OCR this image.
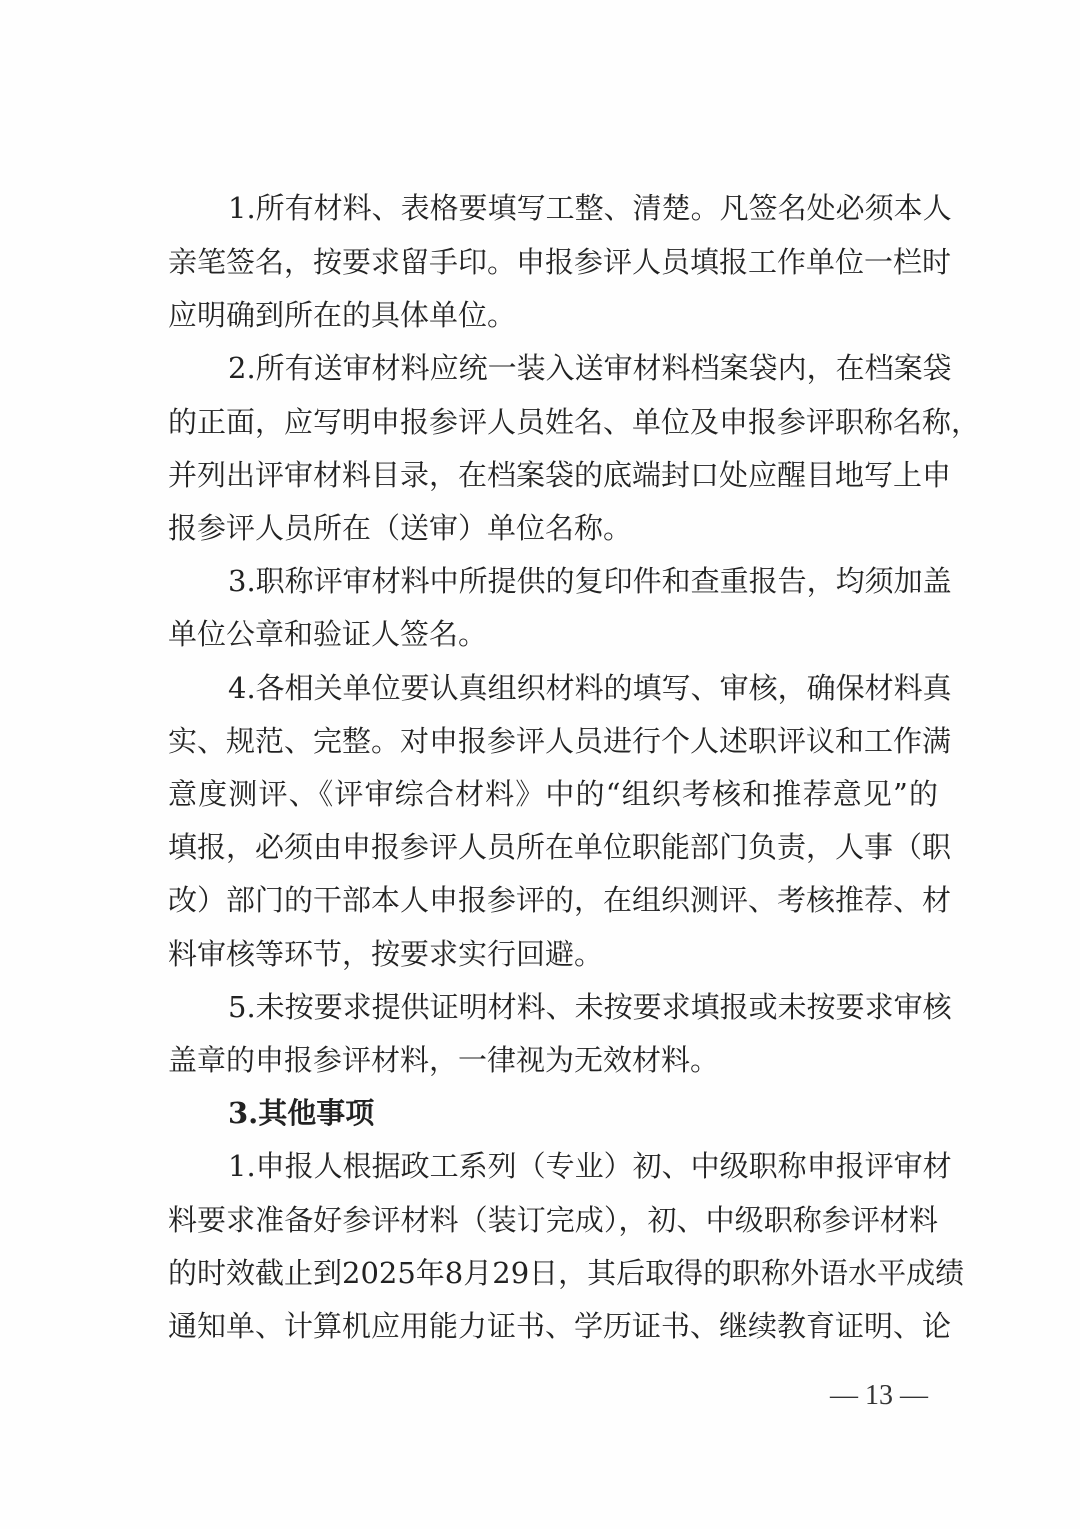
1.所有材料、表格要填写工整、清楚。凡签名处必须本人
亲笔签名，按要求留手印。申报参评人员填报工作单位一栏时
应明确到所在的具体单位。
2.所有送审材料应统一装入送审材料档案袋内，在档案袋
的正面，应写明申报参评人员姓名、单位及申报参评职称名称，
并列出评审材料目录，在档案袋的底端封口处应醒目地写上申
报参评人员所在（送审）单位名称。
3.职称评审材料中所提供的复印件和查重报告，均须加盖
单位公章和验证人签名。
4.各相关单位要认真组织材料的填写、审核，确保材料真
实、规范、完整。对申报参评人员进行个人述职评议和工作满
意度测评、《评审综合材料》中的“组织考核和推荐意见”的
填报，必须由申报参评人员所在单位职能部门负责，人事（职
改）部门的干部本人申报参评的，在组织测评、考核推荐、材
料审核等环节，按要求实行回避。
5.未按要求提供证明材料、未按要求填报或未按要求审核
盖章的申报参评材料，一律视为无效材料。
3.其他事项
1.申报人根据政工系列（专业）初、中级职称申报评审材
料要求准备好参评材料（装订完成），初、中级职称参评材料
的时效截止到2025年8月29日，其后取得的职称外语水平成绩
通知单、计算机应用能力证书、学历证书、继续教育证明、论
— 13 —
